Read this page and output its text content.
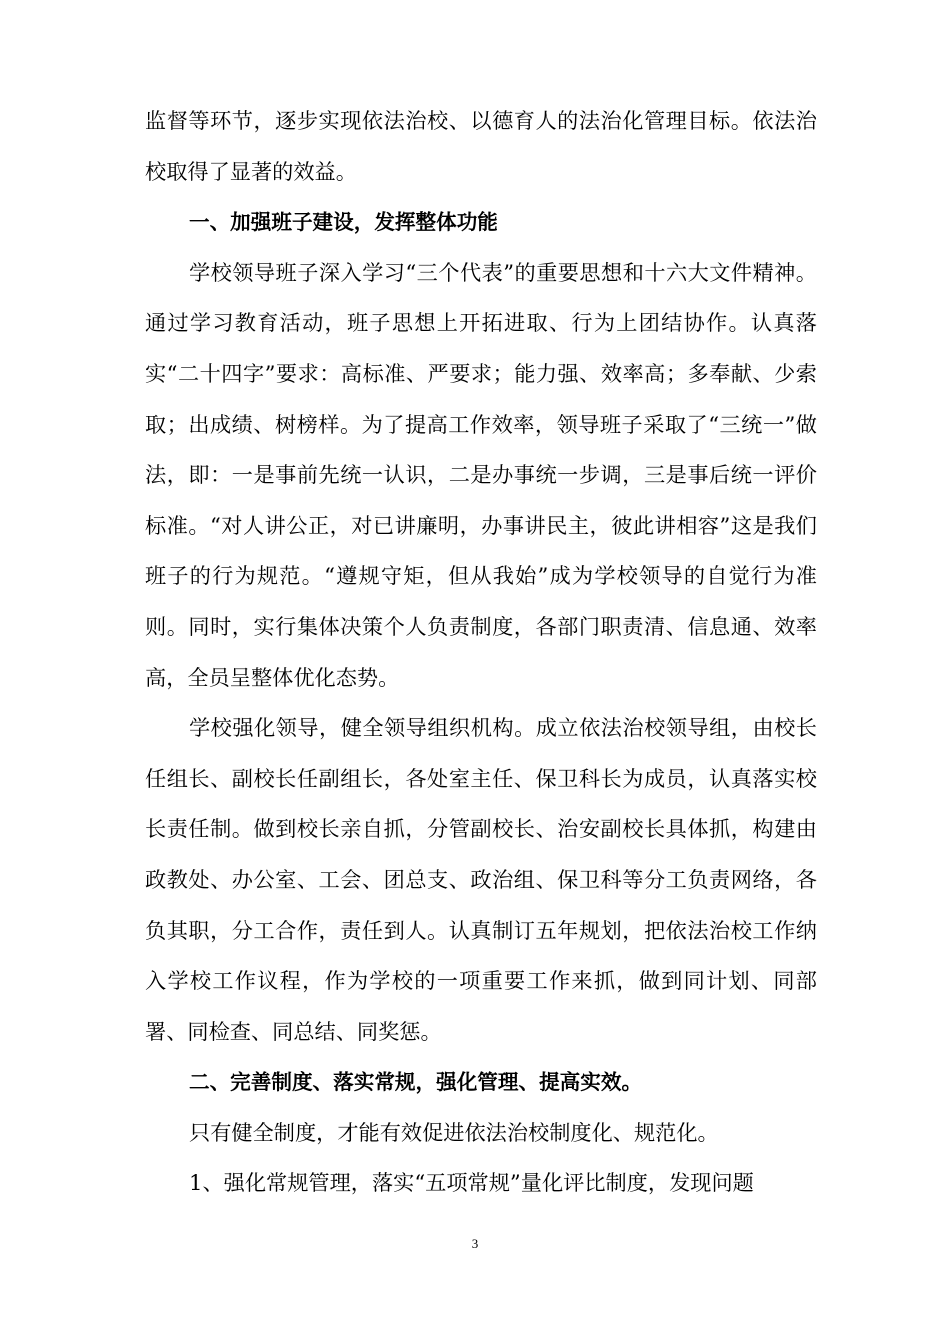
监督等环节，逐步实现依法治校、以德育人的法治化管理目标。依法治校取得了显著的效益。

一、加强班子建设，发挥整体功能

学校领导班子深入学习“三个代表”的重要思想和十六大文件精神。通过学习教育活动，班子思想上开拓进取、行为上团结协作。认真落实“二十四字”要求：高标准、严要求；能力强、效率高；多奉献、少索取；出成绩、树榜样。为了提高工作效率，领导班子采取了“三统一”做法，即：一是事前先统一认识，二是办事统一步调，三是事后统一评价标准。“对人讲公正，对已讲廉明，办事讲民主，彼此讲相容”这是我们班子的行为规范。“遵规守矩，但从我始”成为学校领导的自觉行为准则。同时，实行集体决策个人负责制度，各部门职责清、信息通、效率高，全员呈整体优化态势。

学校强化领导，健全领导组织机构。成立依法治校领导组，由校长任组长、副校长任副组长，各处室主任、保卫科长为成员，认真落实校长责任制。做到校长亲自抓，分管副校长、治安副校长具体抓，构建由政教处、办公室、工会、团总支、政治组、保卫科等分工负责网络，各负其职，分工合作，责任到人。认真制订五年规划，把依法治校工作纳入学校工作议程，作为学校的一项重要工作来抓，做到同计划、同部署、同检查、同总结、同奖惩。

二、完善制度、落实常规，强化管理、提高实效。

只有健全制度，才能有效促进依法治校制度化、规范化。

1、强化常规管理，落实“五项常规”量化评比制度，发现问题

3
